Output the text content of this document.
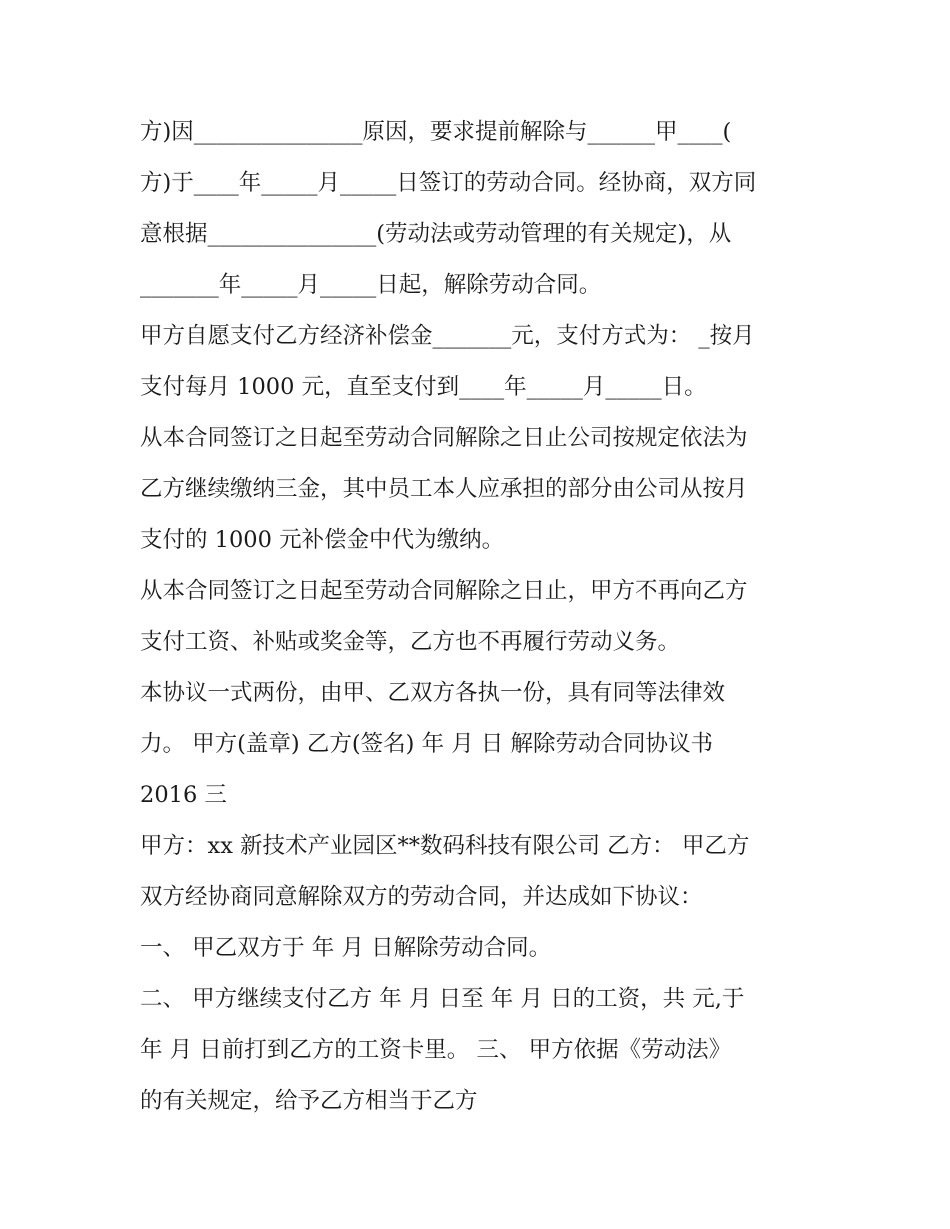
方)因_______________原因，要求提前解除与______甲____(
方)于____年_____月_____日签订的劳动合同。经协商，双方同
意根据_______________(劳动法或劳动管理的有关规定)，从
_______年_____月_____日起，解除劳动合同。
甲方自愿支付乙方经济补偿金_______元，支付方式为： _按月
支付每月 1000 元，直至支付到____年_____月_____日。
从本合同签订之日起至劳动合同解除之日止公司按规定依法为
乙方继续缴纳三金，其中员工本人应承担的部分由公司从按月
支付的 1000 元补偿金中代为缴纳。
从本合同签订之日起至劳动合同解除之日止，甲方不再向乙方
支付工资、补贴或奖金等，乙方也不再履行劳动义务。
本协议一式两份，由甲、乙双方各执一份，具有同等法律效
力。 甲方(盖章) 乙方(签名) 年 月 日 解除劳动合同协议书
2016 三
甲方：xx 新技术产业园区**数码科技有限公司 乙方： 甲乙方
双方经协商同意解除双方的劳动合同，并达成如下协议：
一、 甲乙双方于 年 月 日解除劳动合同。
二、 甲方继续支付乙方 年 月 日至 年 月 日的工资，共 元,于
年 月 日前打到乙方的工资卡里。 三、 甲方依据《劳动法》
的有关规定，给予乙方相当于乙方
